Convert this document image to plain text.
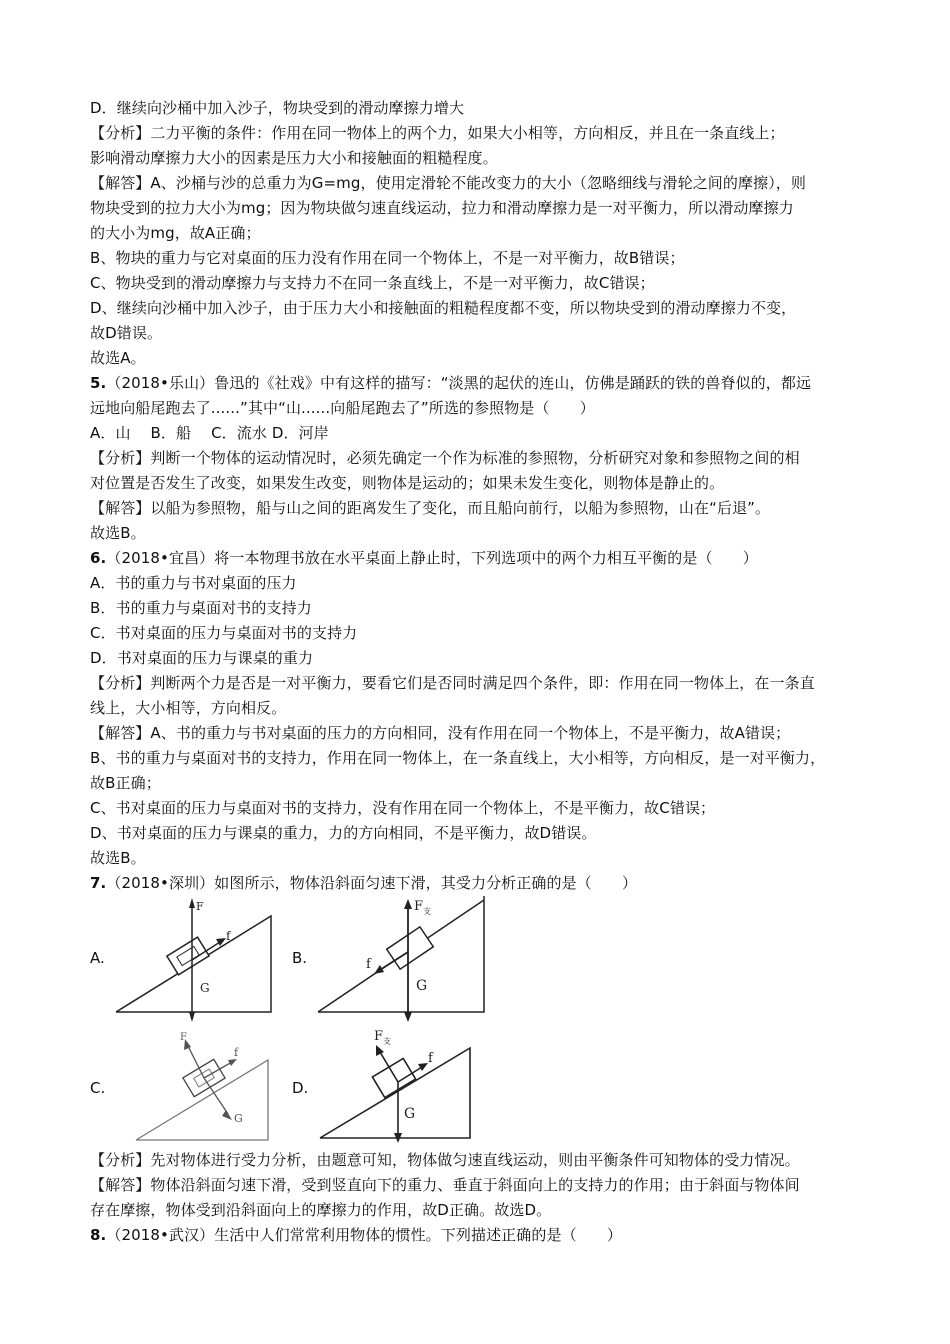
D．继续向沙桶中加入沙子，物块受到的滑动摩擦力增大
【分析】二力平衡的条件：作用在同一物体上的两个力，如果大小相等，方向相反，并且在一条直线上；
影响滑动摩擦力大小的因素是压力大小和接触面的粗糙程度。
【解答】A、沙桶与沙的总重力为G=mg，使用定滑轮不能改变力的大小（忽略细线与滑轮之间的摩擦），则
物块受到的拉力大小为mg；因为物块做匀速直线运动，拉力和滑动摩擦力是一对平衡力，所以滑动摩擦力
的大小为mg，故A正确；
B、物块的重力与它对桌面的压力没有作用在同一个物体上，不是一对平衡力，故B错误；
C、物块受到的滑动摩擦力与支持力不在同一条直线上，不是一对平衡力，故C错误；
D、继续向沙桶中加入沙子，由于压力大小和接触面的粗糙程度都不变，所以物块受到的滑动摩擦力不变，
故D错误。
故选A。
5.（2018•乐山）鲁迅的《社戏》中有这样的描写：“淡黑的起伏的连山，仿佛是踊跃的铁的兽脊似的，都远
远地向船尾跑去了......”其中“山......向船尾跑去了”所选的参照物是（　　）
A．山　 B．船　 C．流水 D．河岸
【分析】判断一个物体的运动情况时，必须先确定一个作为标准的参照物，分析研究对象和参照物之间的相
对位置是否发生了改变，如果发生改变，则物体是运动的；如果未发生变化，则物体是静止的。
【解答】以船为参照物，船与山之间的距离发生了变化，而且船向前行，以船为参照物，山在“后退”。
故选B。
6.（2018•宜昌）将一本物理书放在水平桌面上静止时，下列选项中的两个力相互平衡的是（　　）
A．书的重力与书对桌面的压力
B．书的重力与桌面对书的支持力
C．书对桌面的压力与桌面对书的支持力
D．书对桌面的压力与课桌的重力
【分析】判断两个力是否是一对平衡力，要看它们是否同时满足四个条件，即：作用在同一物体上，在一条直
线上，大小相等，方向相反。
【解答】A、书的重力与书对桌面的压力的方向相同，没有作用在同一个物体上，不是平衡力，故A错误；
B、书的重力与桌面对书的支持力，作用在同一物体上，在一条直线上，大小相等，方向相反，是一对平衡力，
故B正确；
C、书对桌面的压力与桌面对书的支持力，没有作用在同一个物体上，不是平衡力，故C错误；
D、书对桌面的压力与课桌的重力，力的方向相同，不是平衡力，故D错误。
故选B。
7.（2018•深圳）如图所示，物体沿斜面匀速下滑，其受力分析正确的是（　　）
A.
F
f
G
B.
F 支
f
G
C.
F
f
G
D.
F 支
f
G
【分析】先对物体进行受力分析，由题意可知，物体做匀速直线运动，则由平衡条件可知物体的受力情况。
【解答】物体沿斜面匀速下滑，受到竖直向下的重力、垂直于斜面向上的支持力的作用；由于斜面与物体间
存在摩擦，物体受到沿斜面向上的摩擦力的作用，故D正确。故选D。
8.（2018•武汉）生活中人们常常利用物体的惯性。下列描述正确的是（　　）
